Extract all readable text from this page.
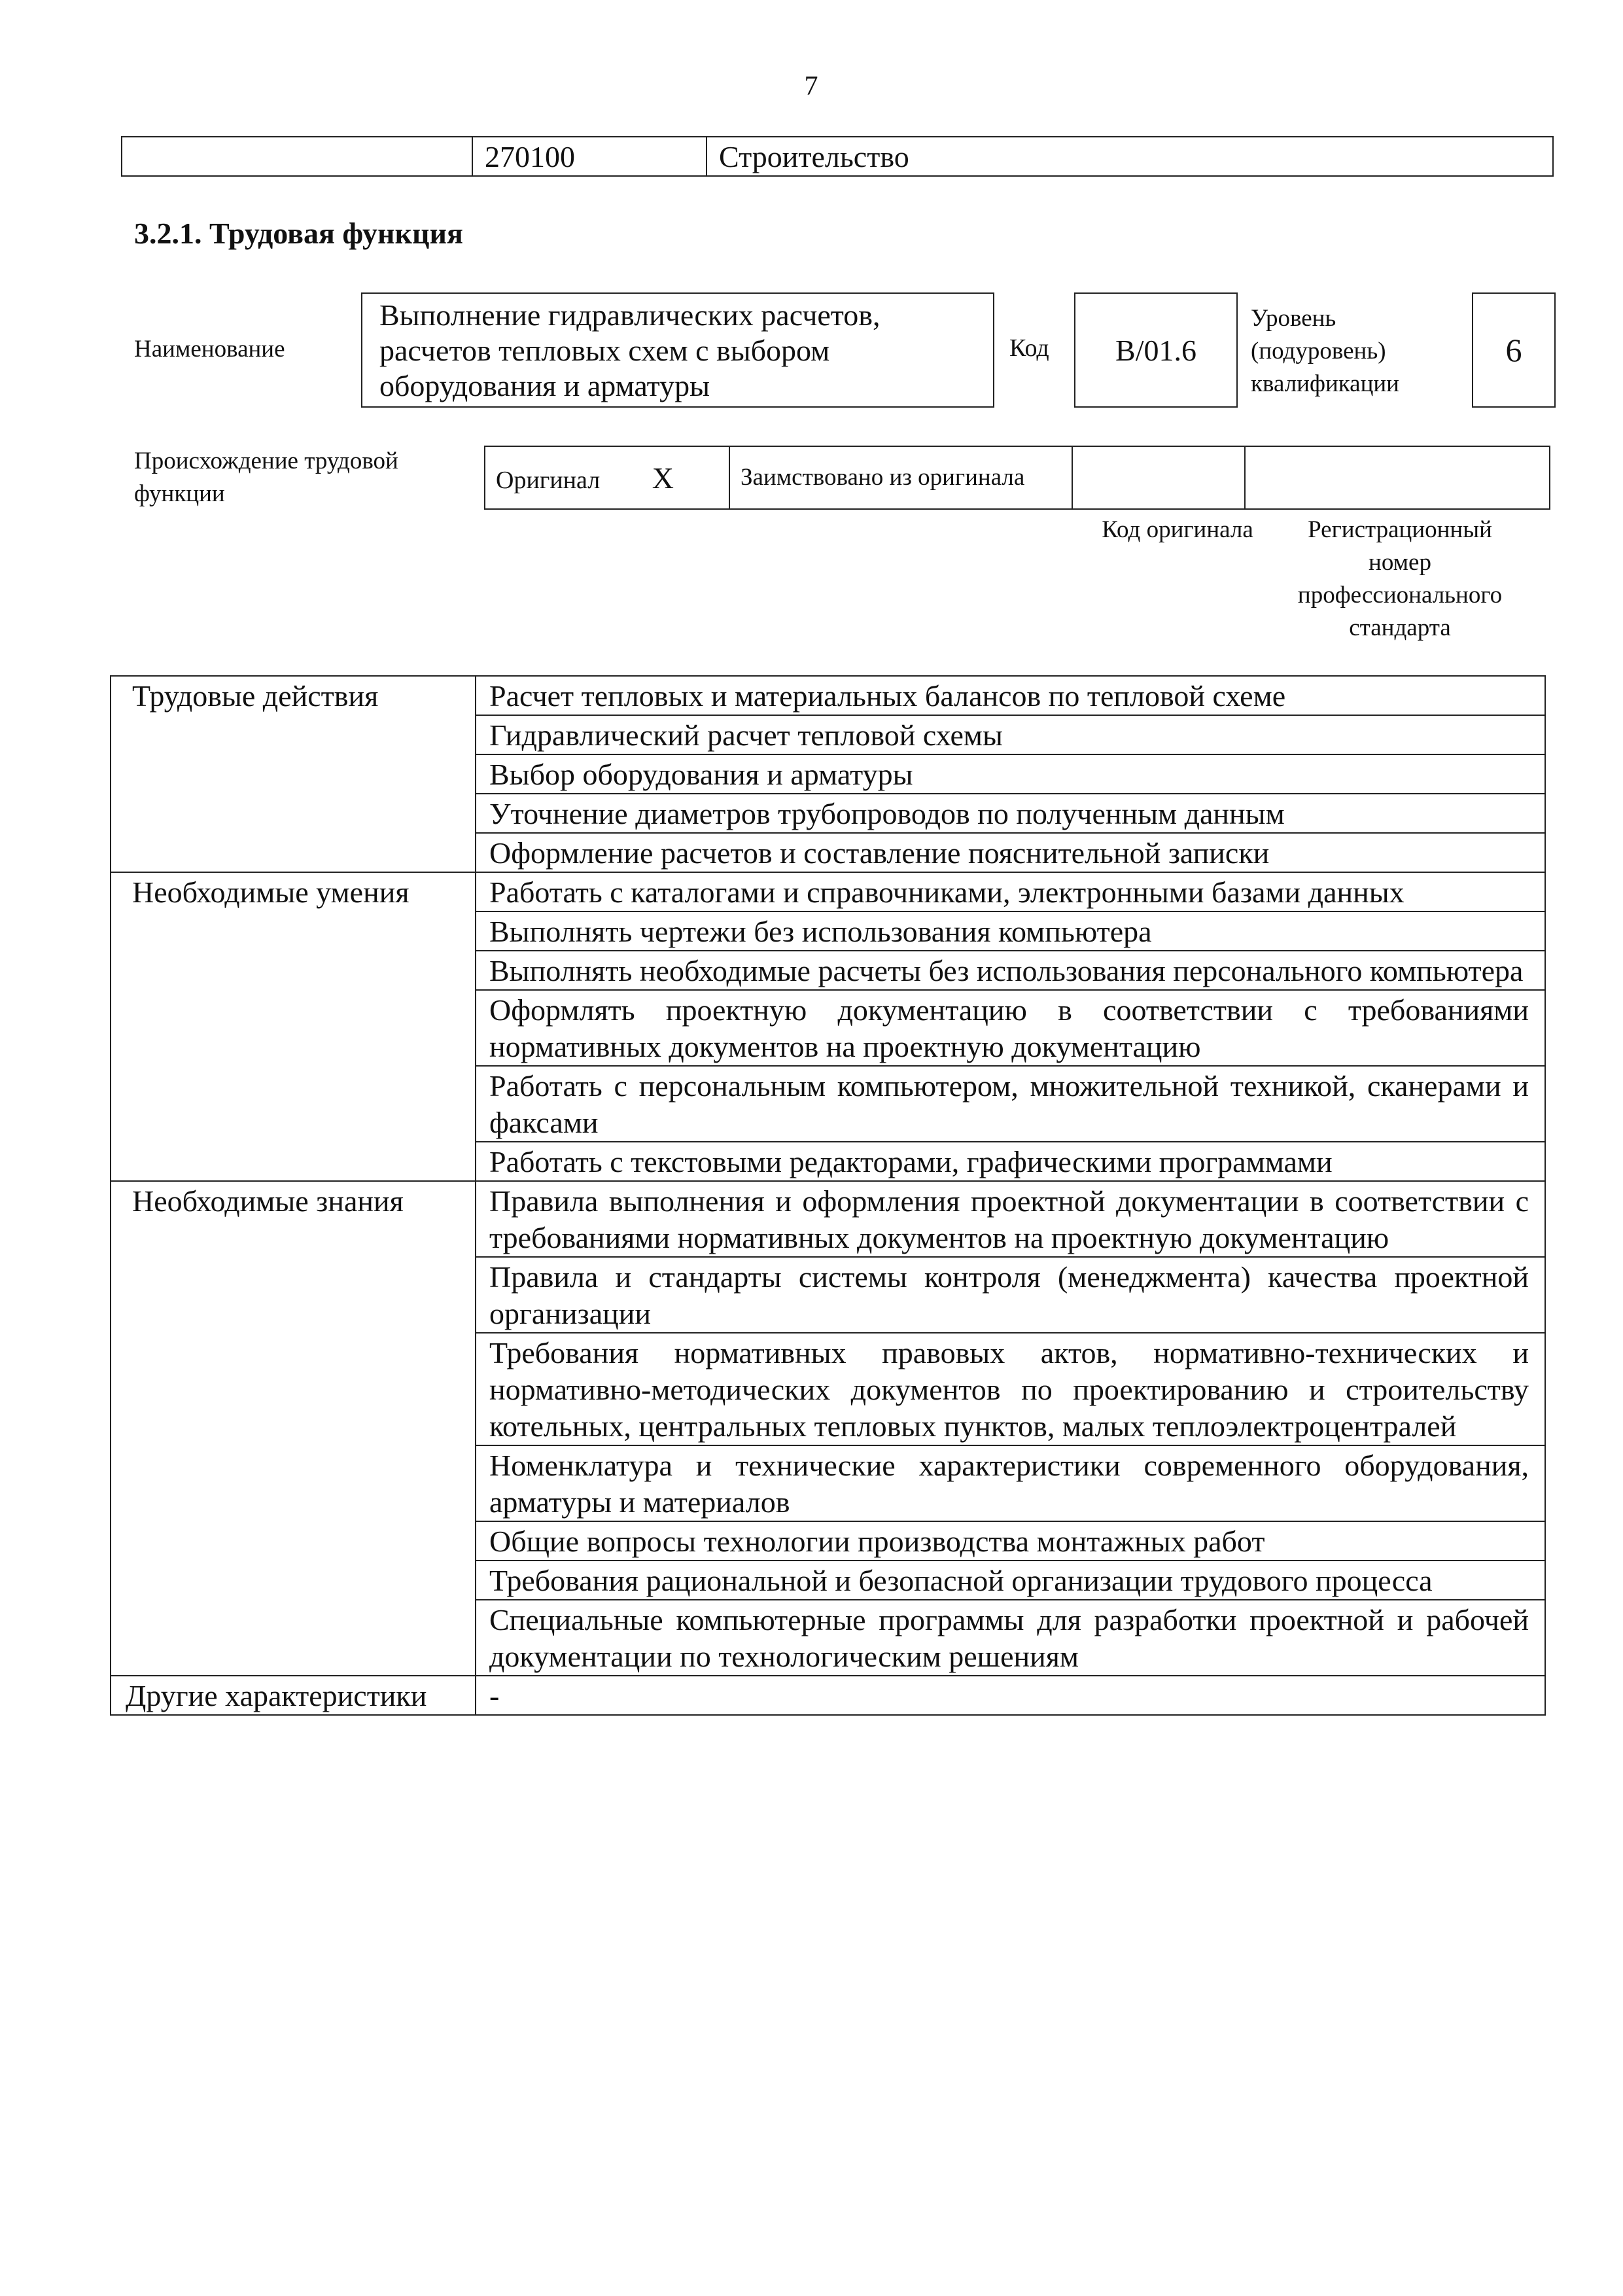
7
	270100	Строительство
3.2.1. Трудовая функция
Наименование
Выполнение гидравлических расчетов, расчетов тепловых схем с выбором оборудования и арматуры
Код	B/01.6
Уровень (подуровень) квалификации
6
Происхождение трудовой функции	Оригинал X	Заимствовано из оригинала		
Код оригинала	Регистрационный номер профессионального стандарта
Трудовые действия	Расчет тепловых и материальных балансов по тепловой схеме
	Гидравлический расчет тепловой схемы
	Выбор оборудования и арматуры
	Уточнение диаметров трубопроводов по полученным данным
	Оформление расчетов и составление пояснительной записки
Необходимые умения	Работать с каталогами и справочниками, электронными базами данных
	Выполнять чертежи без использования компьютера
	Выполнять необходимые расчеты без использования персонального компьютера
	Оформлять проектную документацию в соответствии с требованиями нормативных документов на проектную документацию
	Работать с персональным компьютером, множительной техникой, сканерами и факсами
	Работать с текстовыми редакторами, графическими программами
Необходимые знания	Правила выполнения и оформления проектной документации в соответствии с требованиями нормативных документов на проектную документацию
	Правила и стандарты системы контроля (менеджмента) качества проектной организации
	Требования нормативных правовых актов, нормативно-технических и нормативно-методических документов по проектированию и строительству котельных, центральных тепловых пунктов, малых теплоэлектроцентралей
	Номенклатура и технические характеристики современного оборудования, арматуры и материалов
	Общие вопросы технологии производства монтажных работ
	Требования рациональной и безопасной организации трудового процесса
	Специальные компьютерные программы для разработки проектной и рабочей документации по технологическим решениям
Другие характеристики	-
